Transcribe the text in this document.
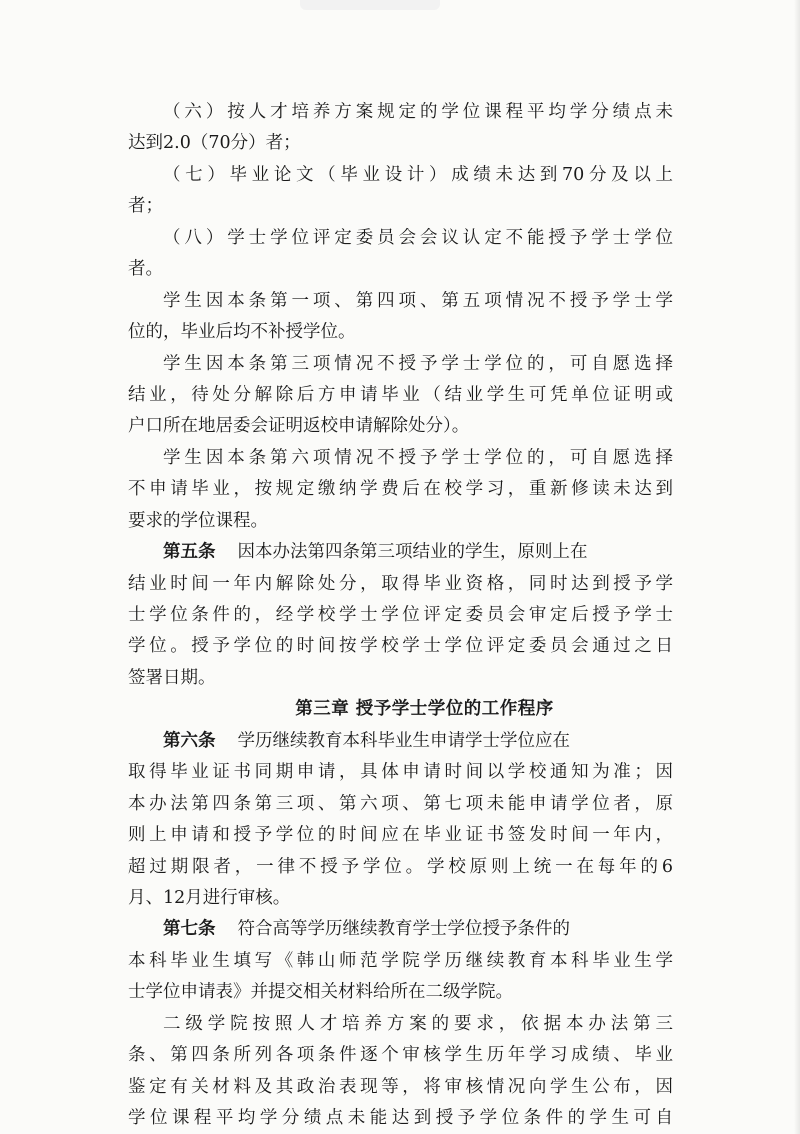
（六）按人才培养方案规定的学位课程平均学分绩点未
达到2.0（70分）者；
（七）毕业论文（毕业设计）成绩未达到70分及以上
者；
（八）学士学位评定委员会会议认定不能授予学士学位
者。
学生因本条第一项、第四项、第五项情况不授予学士学
位的，毕业后均不补授学位。
学生因本条第三项情况不授予学士学位的，可自愿选择
结业，待处分解除后方申请毕业（结业学生可凭单位证明或
户口所在地居委会证明返校申请解除处分）。
学生因本条第六项情况不授予学士学位的，可自愿选择
不申请毕业，按规定缴纳学费后在校学习，重新修读未达到
要求的学位课程。
第五条 因本办法第四条第三项结业的学生，原则上在
结业时间一年内解除处分，取得毕业资格，同时达到授予学
士学位条件的，经学校学士学位评定委员会审定后授予学士
学位。授予学位的时间按学校学士学位评定委员会通过之日
签署日期。
第三章 授予学士学位的工作程序
第六条 学历继续教育本科毕业生申请学士学位应在
取得毕业证书同期申请，具体申请时间以学校通知为准；因
本办法第四条第三项、第六项、第七项未能申请学位者，原
则上申请和授予学位的时间应在毕业证书签发时间一年内，
超过期限者，一律不授予学位。学校原则上统一在每年的6
月、12月进行审核。
第七条 符合高等学历继续教育学士学位授予条件的
本科毕业生填写《韩山师范学院学历继续教育本科毕业生学
士学位申请表》并提交相关材料给所在二级学院。
二级学院按照人才培养方案的要求，依据本办法第三
条、第四条所列各项条件逐个审核学生历年学习成绩、毕业
鉴定有关材料及其政治表现等，将审核情况向学生公布，因
学位课程平均学分绩点未能达到授予学位条件的学生可自
